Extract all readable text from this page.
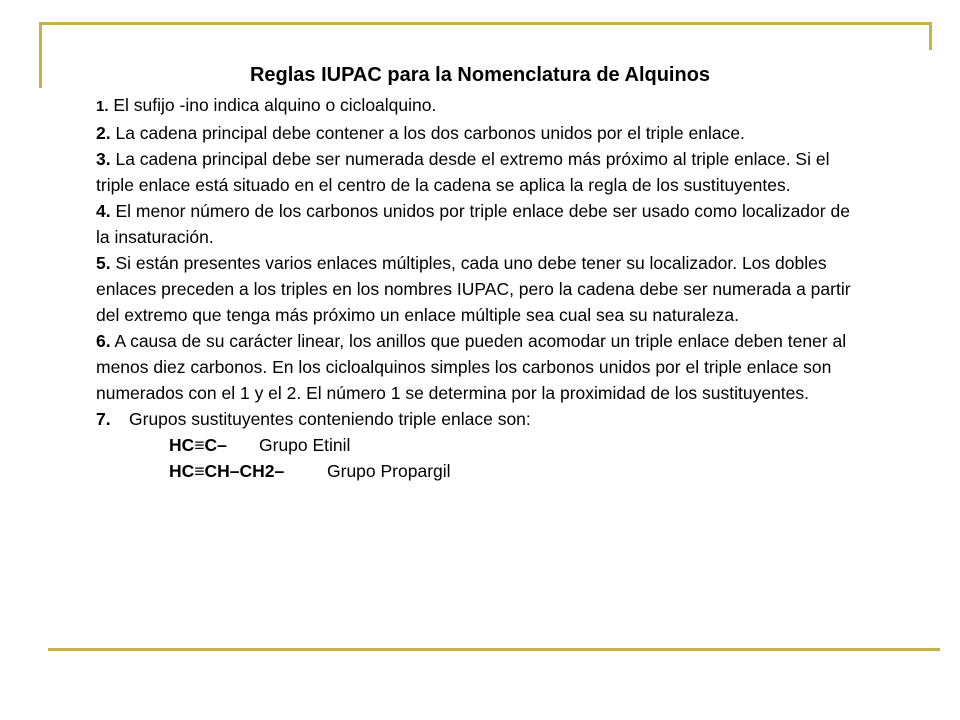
Reglas IUPAC para la Nomenclatura de Alquinos

1. El sufijo -ino indica alquino o cicloalquino.

2. La cadena principal debe contener a los dos carbonos unidos por el triple enlace.

3. La cadena principal debe ser numerada desde el extremo más próximo al triple enlace. Si el triple enlace está situado en el centro de la cadena se aplica la regla de los sustituyentes.

4. El menor número de los carbonos unidos por triple enlace debe ser usado como localizador de la insaturación.

5. Si están presentes varios enlaces múltiples, cada uno debe tener su localizador. Los dobles enlaces preceden a los triples en los nombres IUPAC, pero la cadena debe ser numerada a partir del extremo que tenga más próximo un enlace múltiple sea cual sea su naturaleza.

6. A causa de su carácter linear, los anillos que pueden acomodar un triple enlace deben tener al menos diez carbonos. En los cicloalquinos simples los carbonos unidos por el triple enlace son numerados con el 1 y el 2. El número 1 se determina por la proximidad de los sustituyentes.

7. Grupos sustituyentes conteniendo triple enlace son:

HC≡C– Grupo Etinil

HC≡CH–CH2– Grupo Propargil
